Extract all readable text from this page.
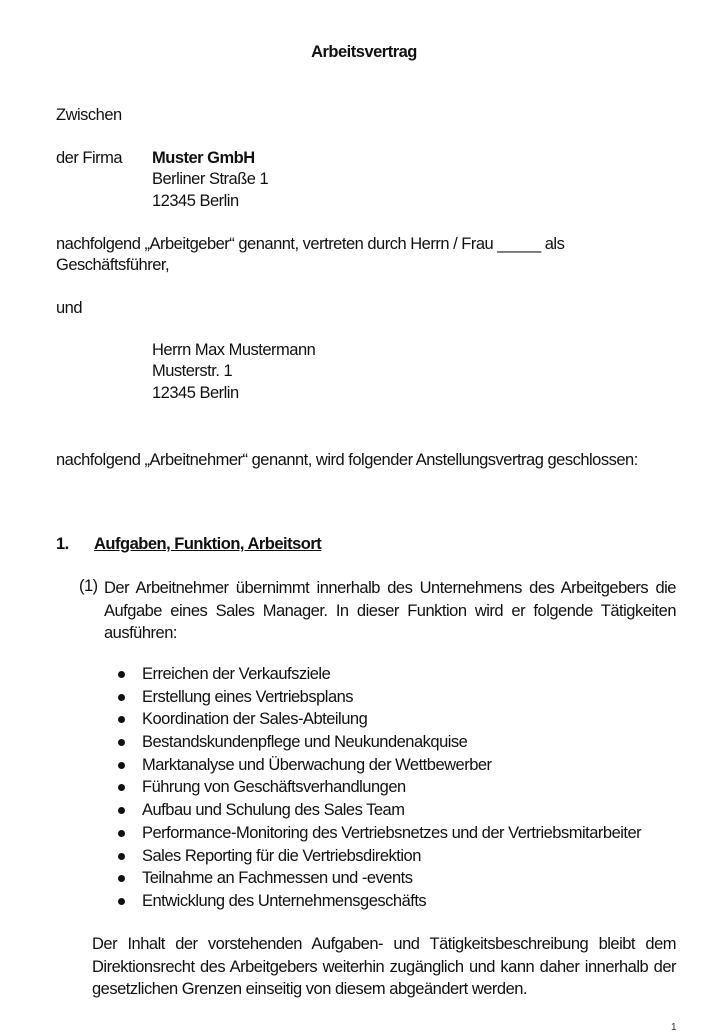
Arbeitsvertrag
Zwischen
der Firma Muster GmbH
Berliner Straße 1
12345 Berlin
nachfolgend „Arbeitgeber“ genannt, vertreten durch Herrn / Frau _____ als
Geschäftsführer,
und
Herrn Max Mustermann
Musterstr. 1
12345 Berlin
nachfolgend „Arbeitnehmer“ genannt, wird folgender Anstellungsvertrag geschlossen:
1. Aufgaben, Funktion, Arbeitsort
(1) Der Arbeitnehmer übernimmt innerhalb des Unternehmens des Arbeitgebers die Aufgabe eines Sales Manager. In dieser Funktion wird er folgende Tätigkeiten ausführen:
Erreichen der Verkaufsziele
Erstellung eines Vertriebsplans
Koordination der Sales-Abteilung
Bestandskundenpflege und Neukundenakquise
Marktanalyse und Überwachung der Wettbewerber
Führung von Geschäftsverhandlungen
Aufbau und Schulung des Sales Team
Performance-Monitoring des Vertriebsnetzes und der Vertriebsmitarbeiter
Sales Reporting für die Vertriebsdirektion
Teilnahme an Fachmessen und -events
Entwicklung des Unternehmensgeschäfts
Der Inhalt der vorstehenden Aufgaben- und Tätigkeitsbeschreibung bleibt dem Direktionsrecht des Arbeitgebers weiterhin zugänglich und kann daher innerhalb der gesetzlichen Grenzen einseitig von diesem abgeändert werden.
1
